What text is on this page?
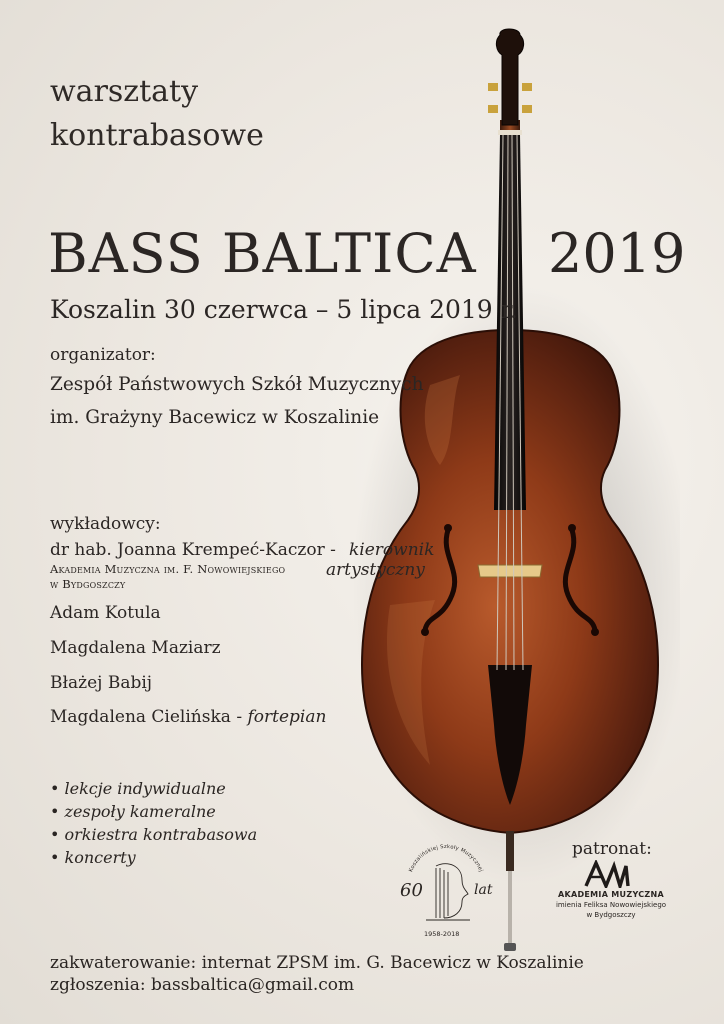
warsztaty
kontrabasowe
BASS BALTICA 2019
Koszalin 30 czerwca – 5 lipca 2019 r.
organizator:
Zespół Państwowych Szkół Muzycznych
im. Grażyny Bacewicz w Koszalinie
wykładowcy:
dr hab. Joanna Krempeć-Kaczor - kierownik
artystyczny
Akademia Muzyczna im. F. Nowowiejskiego
w Bydgoszczy
Adam Kotula
Magdalena Maziarz
Błażej Babij
Magdalena Cielińska - fortepian
• lekcje indywidualne
• zespoły kameralne
• orkiestra kontrabasowa
• koncerty
Koszalińskiej Szkoły Muzycznej
60	lat
1958-2018
patronat:
AKADEMIA MUZYCZNA
imienia Feliksa Nowowiejskiego
w Bydgoszczy
zakwaterowanie: internat ZPSM im. G. Bacewicz w Koszalinie
zgłoszenia: bassbaltica@gmail.com
